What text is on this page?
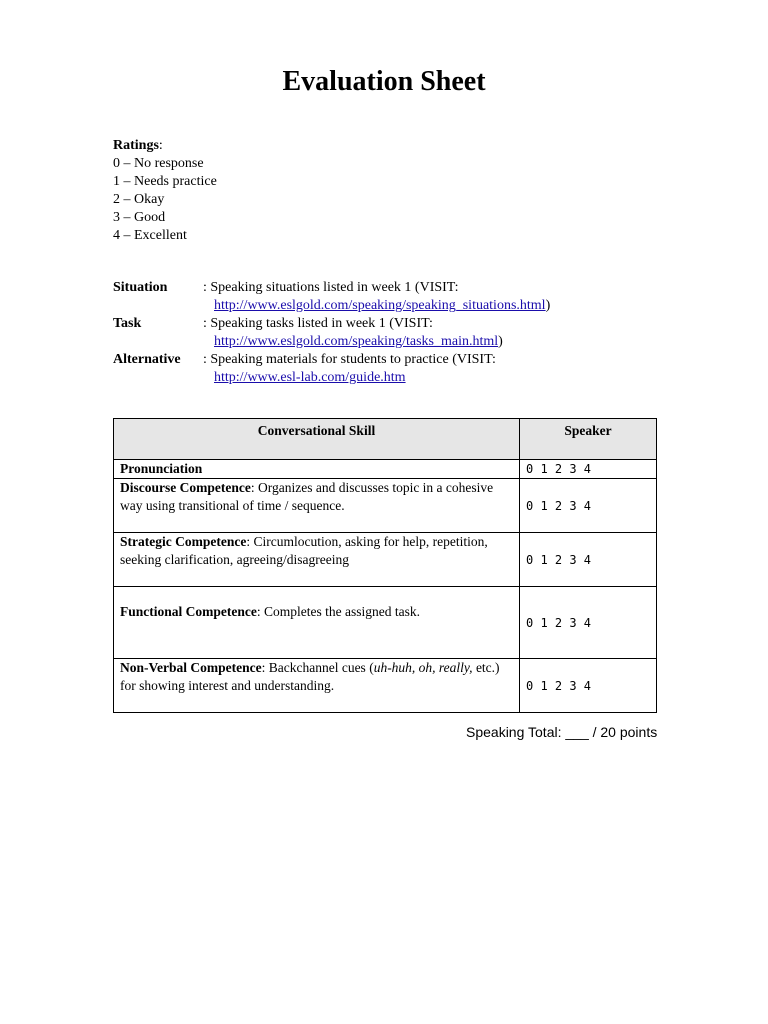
Evaluation Sheet
Ratings:
0 – No response
1 – Needs practice
2 – Okay
3 – Good
4 – Excellent
Situation	: Speaking situations listed in week 1 (VISIT:
http://www.eslgold.com/speaking/speaking_situations.html)
Task	: Speaking tasks listed in week 1 (VISIT:
http://www.eslgold.com/speaking/tasks_main.html)
Alternative : Speaking materials for students to practice (VISIT:
http://www.esl-lab.com/guide.htm
Conversational Skill	Speaker
Pronunciation	0 1 2 3 4
Discourse Competence: Organizes and discusses topic in a cohesive way using transitional of time / sequence.	0 1 2 3 4
Strategic Competence: Circumlocution, asking for help, repetition, seeking clarification, agreeing/disagreeing	0 1 2 3 4
Functional Competence: Completes the assigned task.	0 1 2 3 4
Non-Verbal Competence: Backchannel cues (uh-huh, oh, really, etc.) for showing interest and understanding.	0 1 2 3 4
Speaking Total: ___ / 20 points
